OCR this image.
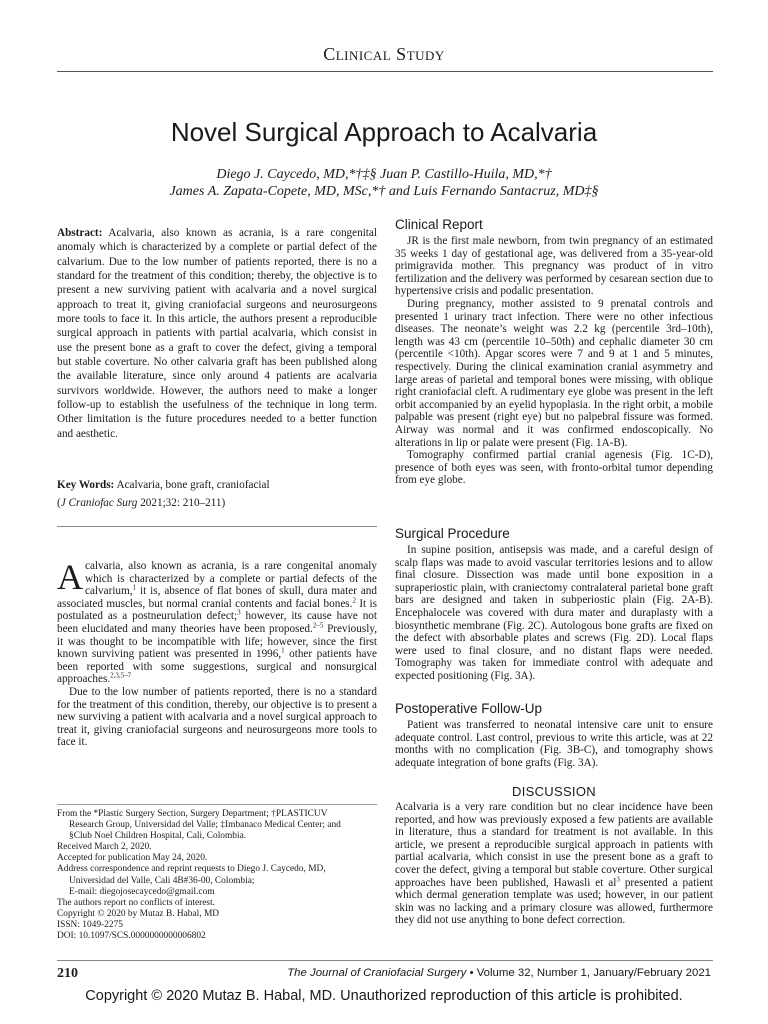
Clinical Study
Novel Surgical Approach to Acalvaria
Diego J. Caycedo, MD,*†‡§ Juan P. Castillo-Huila, MD,*†
James A. Zapata-Copete, MD, MSc,*† and Luis Fernando Santacruz, MD‡§
Abstract: Acalvaria, also known as acrania, is a rare congenital anomaly which is characterized by a complete or partial defect of the calvarium. Due to the low number of patients reported, there is no a standard for the treatment of this condition; thereby, the objective is to present a new surviving patient with acalvaria and a novel surgical approach to treat it, giving craniofacial surgeons and neurosurgeons more tools to face it. In this article, the authors present a reproducible surgical approach in patients with partial acalvaria, which consist in use the present bone as a graft to cover the defect, giving a temporal but stable coverture. No other calvaria graft has been published along the available literature, since only around 4 patients are acalvaria survivors worldwide. However, the authors need to make a longer follow-up to establish the usefulness of the technique in long term. Other limitation is the future procedures needed to a better function and aesthetic.
Key Words: Acalvaria, bone graft, craniofacial
(J Craniofac Surg 2021;32: 210–211)

Acalvaria, also known as acrania, is a rare congenital anomaly which is characterized by a complete or partial defects of the calvarium,$^1$ it is, absence of flat bones of skull, dura mater and associated muscles, but normal cranial contents and facial bones.$^2$ It is postulated as a postneurulation defect;$^3$ however, its cause have not been elucidated and many theories have been proposed.$^{2-5}$ Previously, it was thought to be incompatible with life; however, since the first known surviving patient was presented in 1996,$^1$ other patients have been reported with some suggestions, surgical and nonsurgical approaches.$^{2,3,5-7}$

Due to the low number of patients reported, there is no a standard for the treatment of this condition, thereby, our objective is to present a new surviving a patient with acalvaria and a novel surgical approach to treat it, giving craniofacial surgeons and neurosurgeons more tools to face it.

From the *Plastic Surgery Section, Surgery Department; †PLASTICUV
Research Group, Universidad del Valle; ‡Imbanaco Medical Center; and
§Club Noel Children Hospital, Cali, Colombia.
Received March 2, 2020.
Accepted for publication May 24, 2020.
Address correspondence and reprint requests to Diego J. Caycedo, MD,
Universidad del Valle, Cali 4B#36-00, Colombia;
E-mail: diegojosecaycedo@gmail.com
The authors report no conflicts of interest.
Copyright © 2020 by Mutaz B. Habal, MD
ISSN: 1049-2275
DOI: 10.1097/SCS.0000000000006802
Clinical Report

JR is the first male newborn, from twin pregnancy of an estimated 35 weeks 1 day of gestational age, was delivered from a 35-year-old primigravida mother. This pregnancy was product of in vitro fertilization and the delivery was performed by cesarean section due to hypertensive crisis and podalic presentation.

During pregnancy, mother assisted to 9 prenatal controls and presented 1 urinary tract infection. There were no other infectious diseases. The neonate’s weight was 2.2 kg (percentile 3rd–10th), length was 43 cm (percentile 10–50th) and cephalic diameter 30 cm (percentile <10th). Apgar scores were 7 and 9 at 1 and 5 minutes, respectively. During the clinical examination cranial asymmetry and large areas of parietal and temporal bones were missing, with oblique right craniofacial cleft. A rudimentary eye globe was present in the left orbit accompanied by an eyelid hypoplasia. In the right orbit, a mobile palpable was present (right eye) but no palpebral fissure was formed. Airway was normal and it was confirmed endoscopically. No alterations in lip or palate were present (Fig. 1A-B).

Tomography confirmed partial cranial agenesis (Fig. 1C-D), presence of both eyes was seen, with fronto-orbital tumor depending from eye globe.

Surgical Procedure

In supine position, antisepsis was made, and a careful design of scalp flaps was made to avoid vascular territories lesions and to allow final closure. Dissection was made until bone exposition in a supraperiostic plain, with craniectomy contralateral parietal bone graft bars are designed and taken in subperiostic plain (Fig. 2A-B). Encephalocele was covered with dura mater and duraplasty with a biosynthetic membrane (Fig. 2C). Autologous bone grafts are fixed on the defect with absorbable plates and screws (Fig. 2D). Local flaps were used to final closure, and no distant flaps were needed. Tomography was taken for immediate control with adequate and expected positioning (Fig. 3A).

Postoperative Follow-Up

Patient was transferred to neonatal intensive care unit to ensure adequate control. Last control, previous to write this article, was at 22 months with no complication (Fig. 3B-C), and tomography shows adequate integration of bone grafts (Fig. 3A).

DISCUSSION

Acalvaria is a very rare condition but no clear incidence have been reported, and how was previously exposed a few patients are available in literature, thus a standard for treatment is not available. In this article, we present a reproducible surgical approach in patients with partial acalvaria, which consist in use the present bone as a graft to cover the defect, giving a temporal but stable coverture. Other surgical approaches have been published, Hawasli et $al^3$ presented a patient which dermal generation template was used; however, in our patient skin was no lacking and a primary closure was allowed, furthermore they did not use anything to bone defect correction.

210	The Journal of Craniofacial Surgery • Volume 32, Number 1, January/February 2021
Copyright © 2020 Mutaz B. Habal, MD. Unauthorized reproduction of this article is prohibited.
